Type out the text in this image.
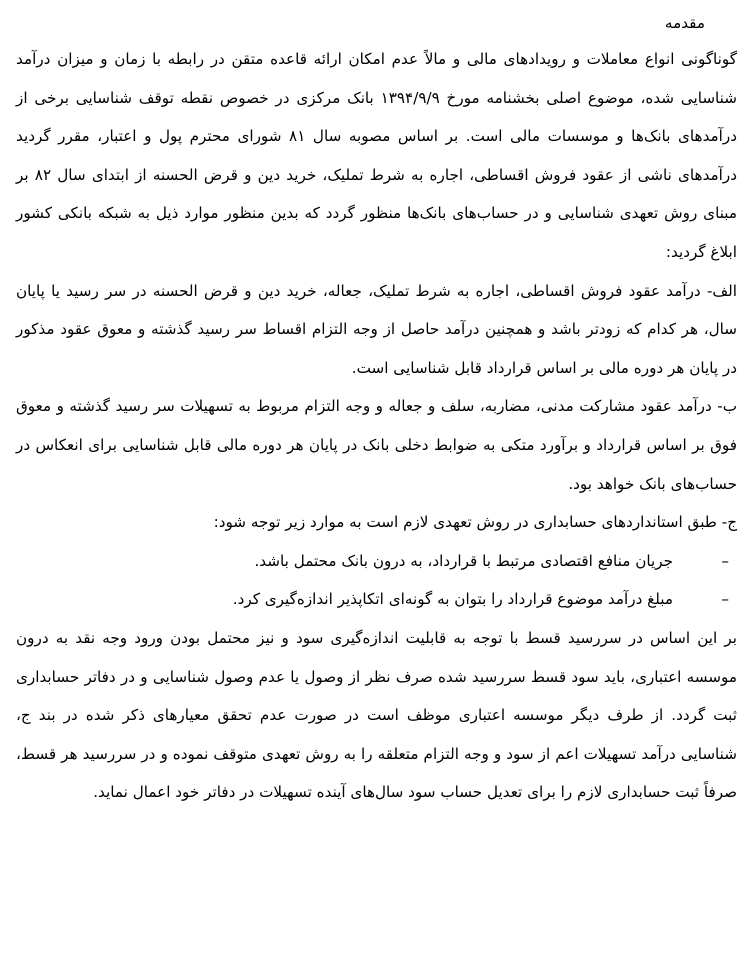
مقدمه

گوناگونی انواع معاملات و رویدادهای مالی و مالاً عدم امکان ارائه قاعده متقن در رابطه با زمان و میزان درآمد شناسایی شده، موضوع اصلی بخشنامه مورخ ۱۳۹۴/۹/۹ بانک مرکزی در خصوص نقطه توقف شناسایی برخی از درآمدهای بانک‌ها و موسسات مالی است. بر اساس مصوبه سال ۸۱ شورای محترم پول و اعتبار، مقرر گردید درآمدهای ناشی از عقود فروش اقساطی، اجاره به شرط تملیک، خرید دین و قرض الحسنه از ابتدای سال ۸۲ بر مبنای روش تعهدی شناسایی و در حساب‌های بانک‌ها منظور گردد که بدین منظور موارد ذیل به شبکه بانکی کشور ابلاغ گردید:

الف- درآمد عقود فروش اقساطی، اجاره به شرط تملیک، جعاله، خرید دین و قرض الحسنه در سر رسید یا پایان سال، هر کدام که زودتر باشد و همچنین درآمد حاصل از وجه التزام اقساط سر رسید گذشته و معوق عقود مذکور در پایان هر دوره مالی بر اساس قرارداد قابل شناسایی است.

ب- درآمد عقود مشارکت مدنی، مضاربه، سلف و جعاله و وجه التزام مربوط به تسهیلات سر رسید گذشته و معوق فوق بر اساس قرارداد و برآورد متکی به ضوابط دخلی بانک در پایان هر دوره مالی قابل شناسایی برای انعکاس در حساب‌های بانک خواهد بود.

ج- طبق استانداردهای حسابداری در روش تعهدی لازم است به موارد زیر توجه شود:

–
جریان منافع اقتصادی مرتبط با قرارداد، به درون بانک محتمل باشد.
–
مبلغ درآمد موضوع قرارداد را بتوان به گونه‌ای اتکاپذیر اندازه‌گیری کرد.

بر این اساس در سررسید قسط با توجه به قابلیت اندازه‌گیری سود و نیز محتمل بودن ورود وجه نقد به درون موسسه اعتباری، باید سود قسط سررسید شده صرف نظر از وصول یا عدم وصول شناسایی و در دفاتر حسابداری ثبت گردد. از طرف دیگر موسسه اعتباری موظف است در صورت عدم تحقق معیارهای ذکر شده در بند ج، شناسایی درآمد تسهیلات اعم از سود و وجه التزام متعلقه را به روش تعهدی متوقف نموده و در سررسید هر قسط، صرفاً ثبت حسابداری لازم را برای تعدیل حساب سود سال‌های آینده تسهیلات در دفاتر خود اعمال نماید.
